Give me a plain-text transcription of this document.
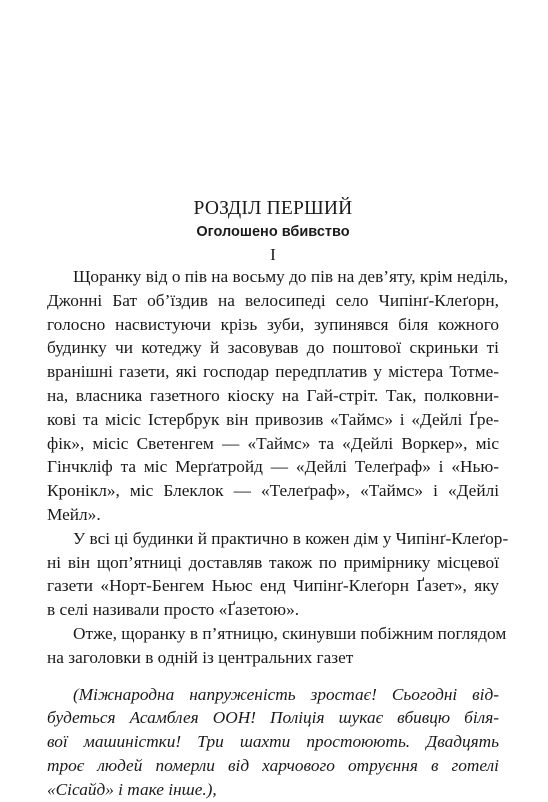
РОЗДІЛ ПЕРШИЙ
Оголошено вбивство
I
Щоранку від о пів на восьму до пів на дев’яту, крім неділь,
Джонні Бат об’їздив на велосипеді село Чипінґ-Клеґорн,
голосно насвистуючи крізь зуби, зупинявся біля кожного
будинку чи котеджу й засовував до поштової скриньки ті
вранішні газети, які господар передплатив у містера Тотме-
на, власника газетного кіоску на Гай-стріт. Так, полковни-
кові та місіс Істербрук він привозив «Таймс» і «Дейлі Ґре-
фік», місіс Светенгем — «Таймс» та «Дейлі Воркер», міс
Гінчкліф та міс Мерґатройд — «Дейлі Телеґраф» і «Нью-
Кронікл», міс Блеклок — «Телеґраф», «Таймс» і «Дейлі
Мейл».
У всі ці будинки й практично в кожен дім у Чипінґ-Клеґор-
ні він щоп’ятниці доставляв також по примірнику місцевої
газети «Норт-Бенгем Ньюс енд Чипінґ-Клеґорн Ґазет», яку
в селі називали просто «Ґазетою».
Отже, щоранку в п’ятницю, скинувши побіжним поглядом
на заголовки в одній із центральних газет
(Міжнародна напруженість зростає! Сьогодні від-
будеться Асамблея ООН! Поліція шукає вбивцю бiля-
вої машиністки! Три шахти простоюють. Двадцять
троє людей померли від харчового отруєння в готелі
«Сісайд» і таке інше.),
